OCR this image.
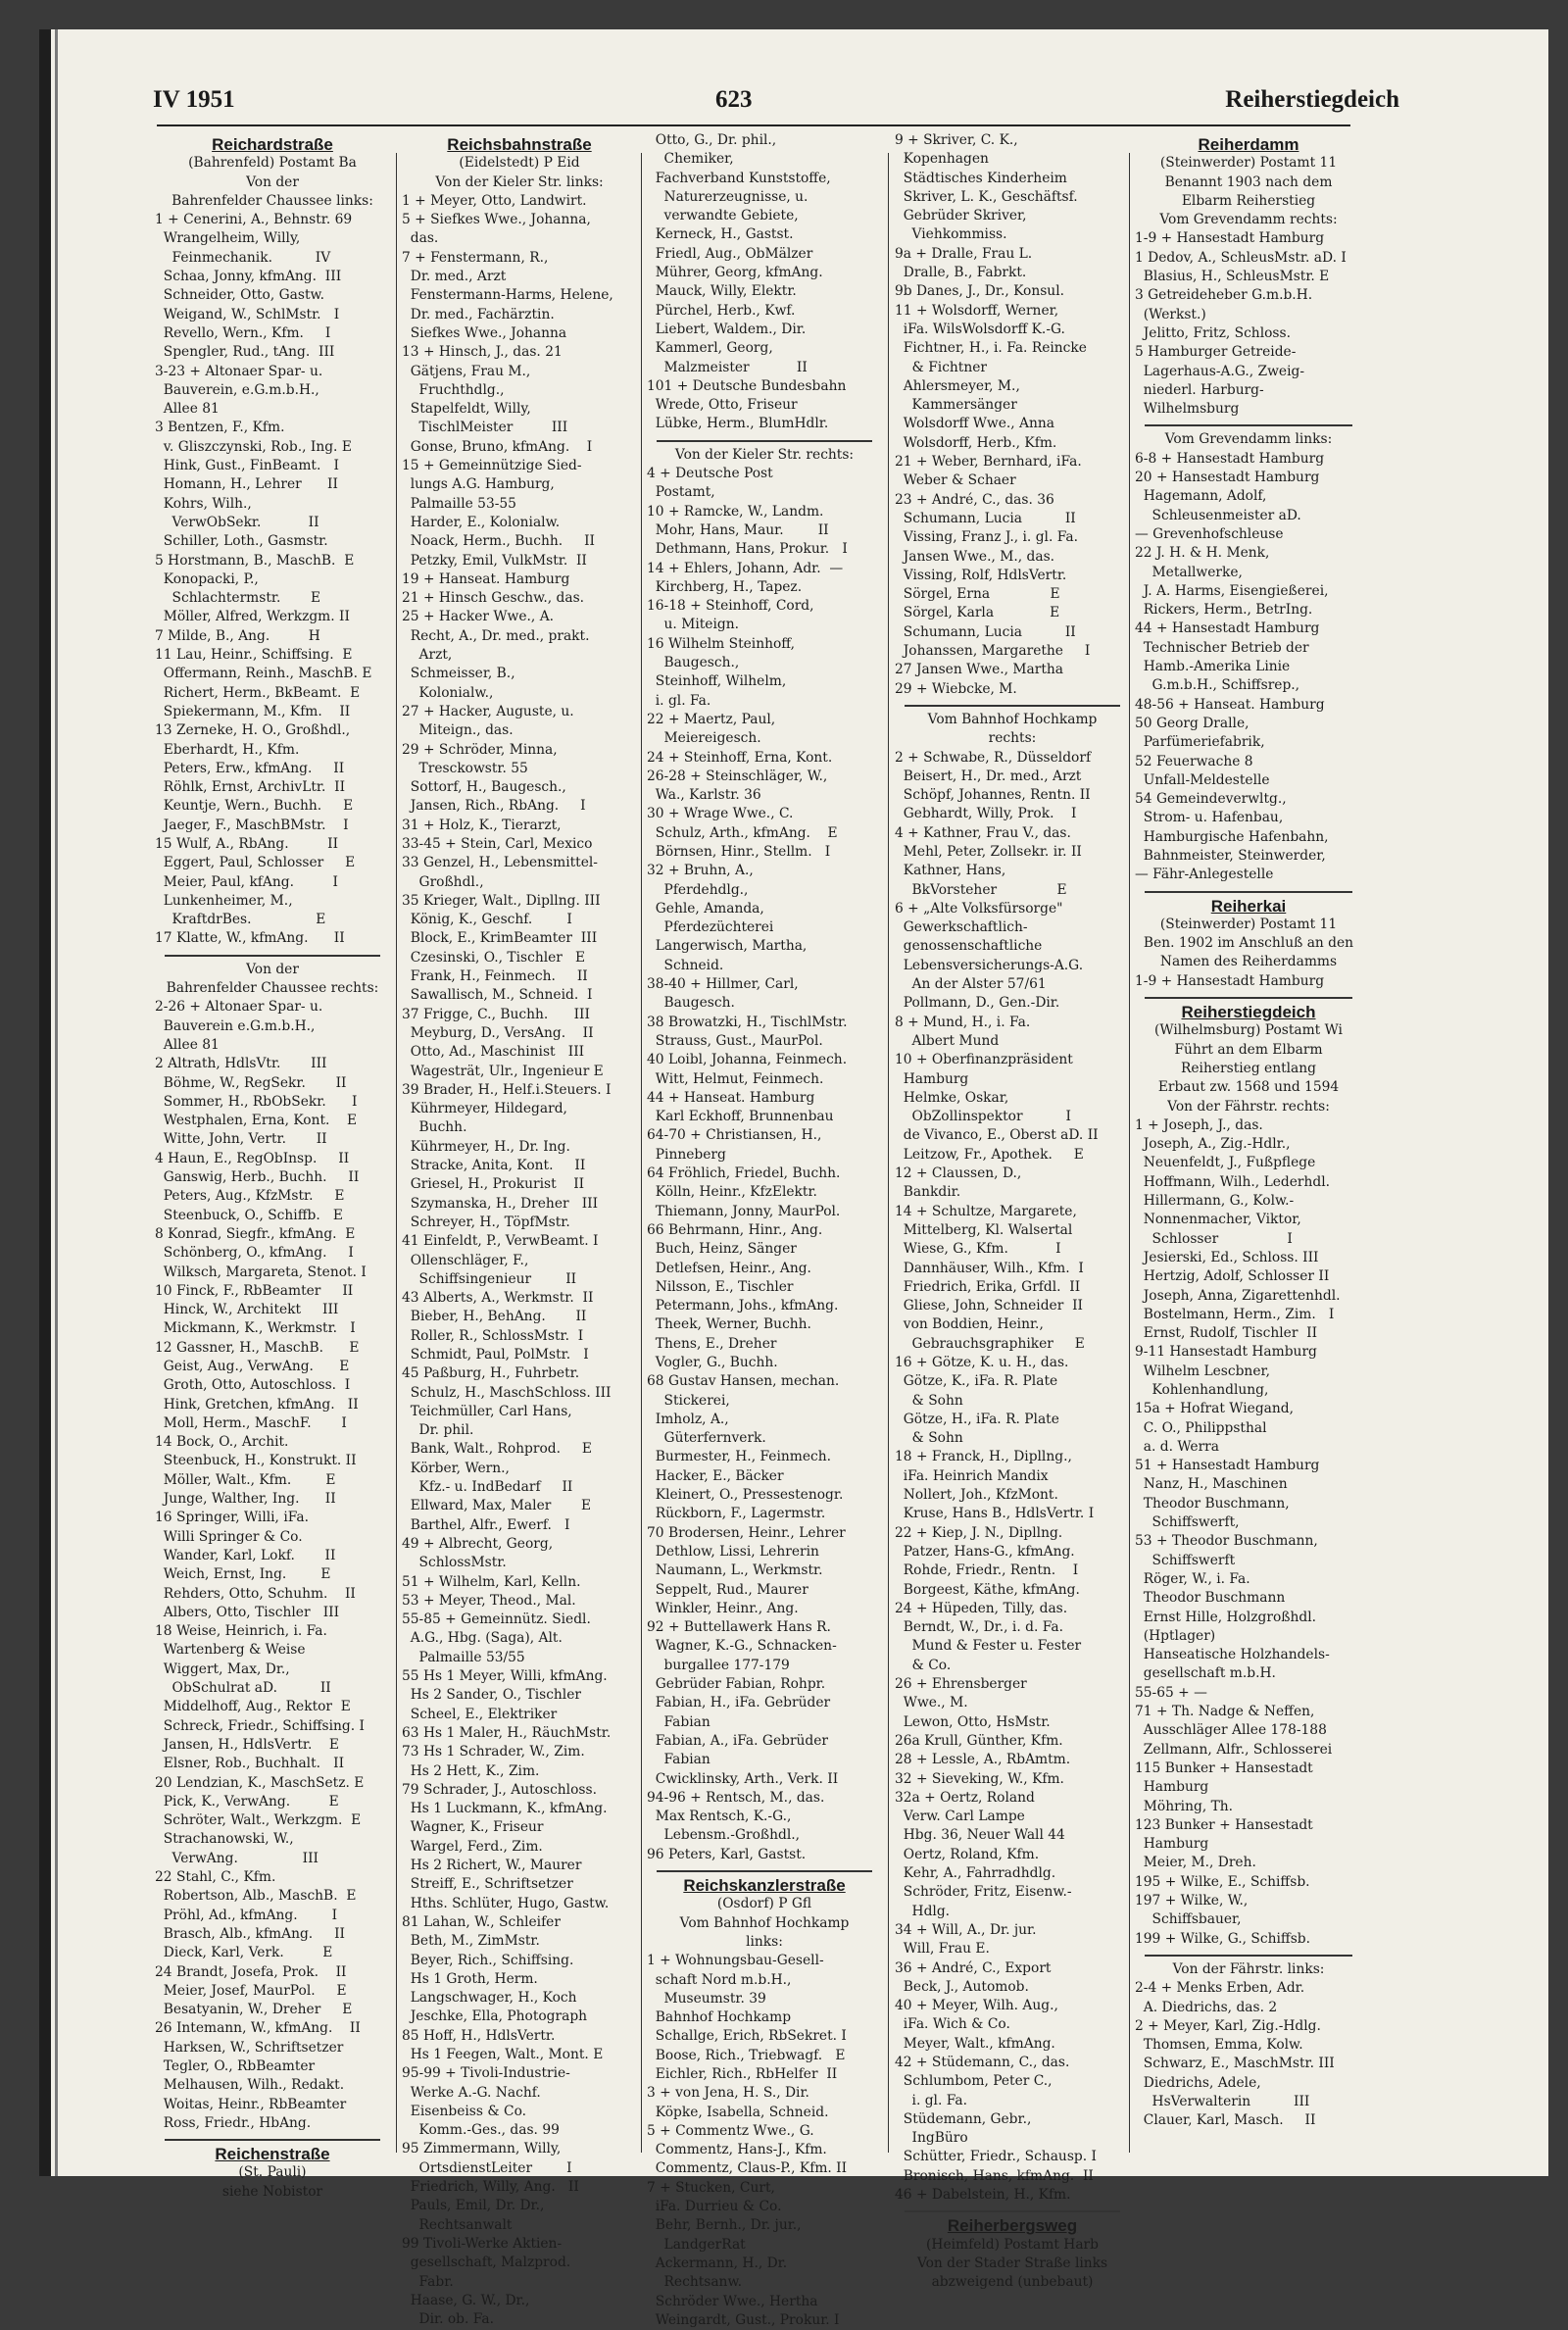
IV 1951	623	Reiherstiegdeich
Reichardstraße
(Bahrenfeld) Postamt Ba
Von der
Bahrenfelder Chaussee links:
1 + Cenerini, A., Behnstr. 69
Wrangelheim, Willy,
Feinmechanik.          IV
Schaa, Jonny, kfmAng.  III
Schneider, Otto, Gastw.
Weigand, W., SchlMstr.   I
Revello, Wern., Kfm.     I
Spengler, Rud., tAng.  III
3-23 + Altonaer Spar- u.
Bauverein, e.G.m.b.H.,
Allee 81
3 Bentzen, F., Kfm.
v. Gliszczynski, Rob., Ing. E
Hink, Gust., FinBeamt.   I
Homann, H., Lehrer      II
Kohrs, Wilh.,
VerwObSekr.           II
Schiller, Loth., Gasmstr.
5 Horstmann, B., MaschB.  E
Konopacki, P.,
Schlachtermstr.       E
Möller, Alfred, Werkzgm. II
7 Milde, B., Ang.         H
11 Lau, Heinr., Schiffsing.  E
Offermann, Reinh., MaschB. E
Richert, Herm., BkBeamt.  E
Spiekermann, M., Kfm.    II
13 Zerneke, H. O., Großhdl.,
Eberhardt, H., Kfm.
Peters, Erw., kfmAng.     II
Röhlk, Ernst, ArchivLtr.  II
Keuntje, Wern., Buchh.     E
Jaeger, F., MaschBMstr.    I
15 Wulf, A., RbAng.         II
Eggert, Paul, Schlosser     E
Meier, Paul, kfAng.         I
Lunkenheimer, M.,
KraftdrBes.               E
17 Klatte, W., kfmAng.      II
Von der
Bahrenfelder Chaussee rechts:
2-26 + Altonaer Spar- u.
Bauverein e.G.m.b.H.,
Allee 81
2 Altrath, HdlsVtr.       III
Böhme, W., RegSekr.       II
Sommer, H., RbObSekr.      I
Westphalen, Erna, Kont.    E
Witte, John, Vertr.       II
4 Haun, E., RegObInsp.     II
Ganswig, Herb., Buchh.     II
Peters, Aug., KfzMstr.     E
Steenbuck, O., Schiffb.   E
8 Konrad, Siegfr., kfmAng.  E
Schönberg, O., kfmAng.     I
Wilksch, Margareta, Stenot. I
10 Finck, F., RbBeamter     II
Hinck, W., Architekt     III
Mickmann, K., Werkmstr.   I
12 Gassner, H., MaschB.      E
Geist, Aug., VerwAng.      E
Groth, Otto, Autoschloss.  I
Hink, Gretchen, kfmAng.   II
Moll, Herm., MaschF.       I
14 Bock, O., Archit.
Steenbuck, H., Konstrukt. II
Möller, Walt., Kfm.        E
Junge, Walther, Ing.      II
16 Springer, Willi, iFa.
Willi Springer & Co.
Wander, Karl, Lokf.       II
Weich, Ernst, Ing.        E
Rehders, Otto, Schuhm.    II
Albers, Otto, Tischler   III
18 Weise, Heinrich, i. Fa.
Wartenberg & Weise
Wiggert, Max, Dr.,
ObSchulrat aD.          II
Middelhoff, Aug., Rektor  E
Schreck, Friedr., Schiffsing. I
Jansen, H., HdlsVertr.    E
Elsner, Rob., Buchhalt.   II
20 Lendzian, K., MaschSetz. E
Pick, K., VerwAng.         E
Schröter, Walt., Werkzgm.  E
Strachanowski, W.,
VerwAng.               III
22 Stahl, C., Kfm.
Robertson, Alb., MaschB.  E
Pröhl, Ad., kfmAng.        I
Brasch, Alb., kfmAng.     II
Dieck, Karl, Verk.         E
24 Brandt, Josefa, Prok.    II
Meier, Josef, MaurPol.     E
Besatyanin, W., Dreher     E
26 Intemann, W., kfmAng.    II
Harksen, W., Schriftsetzer
Tegler, O., RbBeamter
Melhausen, Wilh., Redakt.
Woitas, Heinr., RbBeamter
Ross, Friedr., HbAng.
Reichenstraße
(St. Pauli)
siehe Nobistor
Reichsbahnstraße
(Eidelstedt) P Eid
Von der Kieler Str. links:
1 + Meyer, Otto, Landwirt.
5 + Siefkes Wwe., Johanna,
das.
7 + Fenstermann, R.,
Dr. med., Arzt
Fenstermann-Harms, Helene,
Dr. med., Fachärztin.
Siefkes Wwe., Johanna
13 + Hinsch, J., das. 21
Gätjens, Frau M.,
Fruchthdlg.,
Stapelfeldt, Willy,
TischlMeister         III
Gonse, Bruno, kfmAng.    I
15 + Gemeinnützige Sied-
lungs A.G. Hamburg,
Palmaille 53-55
Harder, E., Kolonialw.
Noack, Herm., Buchh.     II
Petzky, Emil, VulkMstr.  II
19 + Hanseat. Hamburg
21 + Hinsch Geschw., das.
25 + Hacker Wwe., A.
Recht, A., Dr. med., prakt.
Arzt,
Schmeisser, B.,
Kolonialw.,
27 + Hacker, Auguste, u.
Miteign., das.
29 + Schröder, Minna,
Tresckowstr. 55
Sottorf, H., Baugesch.,
Jansen, Rich., RbAng.     I
31 + Holz, K., Tierarzt,
33-45 + Stein, Carl, Mexico
33 Genzel, H., Lebensmittel-
Großhdl.,
35 Krieger, Walt., Dipllng. III
König, K., Geschf.        I
Block, E., KrimBeamter  III
Czesinski, O., Tischler   E
Frank, H., Feinmech.     II
Sawallisch, M., Schneid.  I
37 Frigge, C., Buchh.      III
Meyburg, D., VersAng.    II
Otto, Ad., Maschinist   III
Wagesträt, Ulr., Ingenieur E
39 Brader, H., Helf.i.Steuers. I
Kührmeyer, Hildegard,
Buchh.
Kührmeyer, H., Dr. Ing.
Stracke, Anita, Kont.     II
Griesel, H., Prokurist    II
Szymanska, H., Dreher   III
Schreyer, H., TöpfMstr.
41 Einfeldt, P., VerwBeamt. I
Ollenschläger, F.,
Schiffsingenieur        II
43 Alberts, A., Werkmstr.  II
Bieber, H., BehAng.       II
Roller, R., SchlossMstr.  I
Schmidt, Paul, PolMstr.   I
45 Paßburg, H., Fuhrbetr.
Schulz, H., MaschSchloss. III
Teichmüller, Carl Hans,
Dr. phil.
Bank, Walt., Rohprod.     E
Körber, Wern.,
Kfz.- u. IndBedarf     II
Ellward, Max, Maler       E
Barthel, Alfr., Ewerf.   I
49 + Albrecht, Georg,
SchlossMstr.
51 + Wilhelm, Karl, Kelln.
53 + Meyer, Theod., Mal.
55-85 + Gemeinnütz. Siedl.
A.G., Hbg. (Saga), Alt.
Palmaille 53/55
55 Hs 1 Meyer, Willi, kfmAng.
Hs 2 Sander, O., Tischler
Scheel, E., Elektriker
63 Hs 1 Maler, H., RäuchMstr.
73 Hs 1 Schrader, W., Zim.
Hs 2 Hett, K., Zim.
79 Schrader, J., Autoschloss.
Hs 1 Luckmann, K., kfmAng.
Wagner, K., Friseur
Wargel, Ferd., Zim.
Hs 2 Richert, W., Maurer
Streiff, E., Schriftsetzer
Hths. Schlüter, Hugo, Gastw.
81 Lahan, W., Schleifer
Beth, M., ZimMstr.
Beyer, Rich., Schiffsing.
Hs 1 Groth, Herm.
Langschwager, H., Koch
Jeschke, Ella, Photograph
85 Hoff, H., HdlsVertr.
Hs 1 Feegen, Walt., Mont. E
95-99 + Tivoli-Industrie-
Werke A.-G. Nachf.
Eisenbeiss & Co.
Komm.-Ges., das. 99
95 Zimmermann, Willy,
OrtsdienstLeiter        I
Friedrich, Willy, Ang.   II
Pauls, Emil, Dr. Dr.,
Rechtsanwalt
99 Tivoli-Werke Aktien-
gesellschaft, Malzprod.
Fabr.
Haase, G. W., Dr.,
Dir. ob. Fa.
Otto, G., Dr. phil.,
Chemiker,
Fachverband Kunststoffe,
Naturerzeugnisse, u.
verwandte Gebiete,
Kerneck, H., Gastst.
Friedl, Aug., ObMälzer
Mührer, Georg, kfmAng.
Mauck, Willy, Elektr.
Pürchel, Herb., Kwf.
Liebert, Waldem., Dir.
Kammerl, Georg,
Malzmeister           II
101 + Deutsche Bundesbahn
Wrede, Otto, Friseur
Lübke, Herm., BlumHdlr.
Von der Kieler Str. rechts:
4 + Deutsche Post
Postamt,
10 + Ramcke, W., Landm.
Mohr, Hans, Maur.        II
Dethmann, Hans, Prokur.   I
14 + Ehlers, Johann, Adr.  —
Kirchberg, H., Tapez.
16-18 + Steinhoff, Cord,
u. Miteign.
16 Wilhelm Steinhoff,
Baugesch.,
Steinhoff, Wilhelm,
i. gl. Fa.
22 + Maertz, Paul,
Meiereigesch.
24 + Steinhoff, Erna, Kont.
26-28 + Steinschläger, W.,
Wa., Karlstr. 36
30 + Wrage Wwe., C.
Schulz, Arth., kfmAng.    E
Börnsen, Hinr., Stellm.   I
32 + Bruhn, A.,
Pferdehdlg.,
Gehle, Amanda,
Pferdezüchterei
Langerwisch, Martha,
Schneid.
38-40 + Hillmer, Carl,
Baugesch.
38 Browatzki, H., TischlMstr.
Strauss, Gust., MaurPol.
40 Loibl, Johanna, Feinmech.
Witt, Helmut, Feinmech.
44 + Hanseat. Hamburg
Karl Eckhoff, Brunnenbau
64-70 + Christiansen, H.,
Pinneberg
64 Fröhlich, Friedel, Buchh.
Kölln, Heinr., KfzElektr.
Thiemann, Jonny, MaurPol.
66 Behrmann, Hinr., Ang.
Buch, Heinz, Sänger
Detlefsen, Heinr., Ang.
Nilsson, E., Tischler
Petermann, Johs., kfmAng.
Theek, Werner, Buchh.
Thens, E., Dreher
Vogler, G., Buchh.
68 Gustav Hansen, mechan.
Stickerei,
Imholz, A.,
Güterfernverk.
Burmester, H., Feinmech.
Hacker, E., Bäcker
Kleinert, O., Pressestenogr.
Rückborn, F., Lagermstr.
70 Brodersen, Heinr., Lehrer
Dethlow, Lissi, Lehrerin
Naumann, L., Werkmstr.
Seppelt, Rud., Maurer
Winkler, Heinr., Ang.
92 + Buttellawerk Hans R.
Wagner, K.-G., Schnacken-
burgallee 177-179
Gebrüder Fabian, Rohpr.
Fabian, H., iFa. Gebrüder
Fabian
Fabian, A., iFa. Gebrüder
Fabian
Cwicklinsky, Arth., Verk. II
94-96 + Rentsch, M., das.
Max Rentsch, K.-G.,
Lebensm.-Großhdl.,
96 Peters, Karl, Gastst.
Reichskanzlerstraße
(Osdorf) P Gfl
Vom Bahnhof Hochkamp
links:
1 + Wohnungsbau-Gesell-
schaft Nord m.b.H.,
Museumstr. 39
Bahnhof Hochkamp
Schallge, Erich, RbSekret. I
Boose, Rich., Triebwagf.   E
Eichler, Rich., RbHelfer  II
3 + von Jena, H. S., Dir.
Köpke, Isabella, Schneid.
5 + Commentz Wwe., G.
Commentz, Hans-J., Kfm.
Commentz, Claus-P., Kfm. II
7 + Stucken, Curt,
iFa. Durrieu & Co.
Behr, Bernh., Dr. jur.,
LandgerRat
Ackermann, H., Dr.
Rechtsanw.
Schröder Wwe., Hertha
Weingardt, Gust., Prokur. I
9 + Skriver, C. K.,
Kopenhagen
Städtisches Kinderheim
Skriver, L. K., Geschäftsf.
Gebrüder Skriver,
Viehkommiss.
9a + Dralle, Frau L.
Dralle, B., Fabrkt.
9b Danes, J., Dr., Konsul.
11 + Wolsdorff, Werner,
iFa. WilsWolsdorff K.-G.
Fichtner, H., i. Fa. Reincke
& Fichtner
Ahlersmeyer, M.,
Kammersänger
Wolsdorff Wwe., Anna
Wolsdorff, Herb., Kfm.
21 + Weber, Bernhard, iFa.
Weber & Schaer
23 + André, C., das. 36
Schumann, Lucia          II
Vissing, Franz J., i. gl. Fa.
Jansen Wwe., M., das.
Vissing, Rolf, HdlsVertr.
Sörgel, Erna              E
Sörgel, Karla             E
Schumann, Lucia          II
Johanssen, Margarethe     I
27 Jansen Wwe., Martha
29 + Wiebcke, M.
Vom Bahnhof Hochkamp
rechts:
2 + Schwabe, R., Düsseldorf
Beisert, H., Dr. med., Arzt
Schöpf, Johannes, Rentn. II
Gebhardt, Willy, Prok.    I
4 + Kathner, Frau V., das.
Mehl, Peter, Zollsekr. ir. II
Kathner, Hans,
BkVorsteher              E
6 + „Alte Volksfürsorge"
Gewerkschaftlich-
genossenschaftliche
Lebensversicherungs-A.G.
An der Alster 57/61
Pollmann, D., Gen.-Dir.
8 + Mund, H., i. Fa.
Albert Mund
10 + Oberfinanzpräsident
Hamburg
Helmke, Oskar,
ObZollinspektor          I
de Vivanco, E., Oberst aD. II
Leitzow, Fr., Apothek.     E
12 + Claussen, D.,
Bankdir.
14 + Schultze, Margarete,
Mittelberg, Kl. Walsertal
Wiese, G., Kfm.           I
Dannhäuser, Wilh., Kfm.  I
Friedrich, Erika, Grfdl.  II
Gliese, John, Schneider  II
von Boddien, Heinr.,
Gebrauchsgraphiker     E
16 + Götze, K. u. H., das.
Götze, K., iFa. R. Plate
& Sohn
Götze, H., iFa. R. Plate
& Sohn
18 + Franck, H., Dipllng.,
iFa. Heinrich Mandix
Nollert, Joh., KfzMont.
Kruse, Hans B., HdlsVertr. I
22 + Kiep, J. N., Dipllng.
Patzer, Hans-G., kfmAng.
Rohde, Friedr., Rentn.    I
Borgeest, Käthe, kfmAng.
24 + Hüpeden, Tilly, das.
Berndt, W., Dr., i. d. Fa.
Mund & Fester u. Fester
& Co.
26 + Ehrensberger
Wwe., M.
Lewon, Otto, HsMstr.
26a Krull, Günther, Kfm.
28 + Lessle, A., RbAmtm.
32 + Sieveking, W., Kfm.
32a + Oertz, Roland
Verw. Carl Lampe
Hbg. 36, Neuer Wall 44
Oertz, Roland, Kfm.
Kehr, A., Fahrradhdlg.
Schröder, Fritz, Eisenw.-
Hdlg.
34 + Will, A., Dr. jur.
Will, Frau E.
36 + André, C., Export
Beck, J., Automob.
40 + Meyer, Wilh. Aug.,
iFa. Wich & Co.
Meyer, Walt., kfmAng.
42 + Stüdemann, C., das.
Schlumbom, Peter C.,
i. gl. Fa.
Stüdemann, Gebr.,
IngBüro
Schütter, Friedr., Schausp. I
Bronisch, Hans, kfmAng.  II
46 + Dabelstein, H., Kfm.
Reiherbergsweg
(Heimfeld) Postamt Harb
Von der Stader Straße links
abzweigend (unbebaut)
Reiherdamm
(Steinwerder) Postamt 11
Benannt 1903 nach dem
Elbarm Reiherstieg
Vom Grevendamm rechts:
1-9 + Hansestadt Hamburg
1 Dedov, A., SchleusMstr. aD. I
Blasius, H., SchleusMstr. E
3 Getreideheber G.m.b.H.
(Werkst.)
Jelitto, Fritz, Schloss.
5 Hamburger Getreide-
Lagerhaus-A.G., Zweig-
niederl. Harburg-
Wilhelmsburg
Vom Grevendamm links:
6-8 + Hansestadt Hamburg
20 + Hansestadt Hamburg
Hagemann, Adolf,
Schleusenmeister aD.
— Grevenhofschleuse
22 J. H. & H. Menk,
Metallwerke,
J. A. Harms, Eisengießerei,
Rickers, Herm., BetrIng.
44 + Hansestadt Hamburg
Technischer Betrieb der
Hamb.-Amerika Linie
G.m.b.H., Schiffsrep.,
48-56 + Hanseat. Hamburg
50 Georg Dralle,
Parfümeriefabrik,
52 Feuerwache 8
Unfall-Meldestelle
54 Gemeindeverwltg.,
Strom- u. Hafenbau,
Hamburgische Hafenbahn,
Bahnmeister, Steinwerder,
— Fähr-Anlegestelle
Reiherkai
(Steinwerder) Postamt 11
Ben. 1902 im Anschluß an den
Namen des Reiherdamms
1-9 + Hansestadt Hamburg
Reiherstiegdeich
(Wilhelmsburg) Postamt Wi
Führt an dem Elbarm
Reiherstieg entlang
Erbaut zw. 1568 und 1594
Von der Fährstr. rechts:
1 + Joseph, J., das.
Joseph, A., Zig.-Hdlr.,
Neuenfeldt, J., Fußpflege
Hoffmann, Wilh., Lederhdl.
Hillermann, G., Kolw.-
Nonnenmacher, Viktor,
Schlosser                I
Jesierski, Ed., Schloss. III
Hertzig, Adolf, Schlosser II
Joseph, Anna, Zigarettenhdl.
Bostelmann, Herm., Zim.   I
Ernst, Rudolf, Tischler  II
9-11 Hansestadt Hamburg
Wilhelm Lescbner,
Kohlenhandlung,
15a + Hofrat Wiegand,
C. O., Philippsthal
a. d. Werra
51 + Hansestadt Hamburg
Nanz, H., Maschinen
Theodor Buschmann,
Schiffswerft,
53 + Theodor Buschmann,
Schiffswerft
Röger, W., i. Fa.
Theodor Buschmann
Ernst Hille, Holzgroßhdl.
(Hptlager)
Hanseatische Holzhandels-
gesellschaft m.b.H.
55-65 + —
71 + Th. Nadge & Neffen,
Ausschläger Allee 178-188
Zellmann, Alfr., Schlosserei
115 Bunker + Hansestadt
Hamburg
Möhring, Th.
123 Bunker + Hansestadt
Hamburg
Meier, M., Dreh.
195 + Wilke, E., Schiffsb.
197 + Wilke, W.,
Schiffsbauer,
199 + Wilke, G., Schiffsb.
Von der Fährstr. links:
2-4 + Menks Erben, Adr.
A. Diedrichs, das. 2
2 + Meyer, Karl, Zig.-Hdlg.
Thomsen, Emma, Kolw.
Schwarz, E., MaschMstr. III
Diedrichs, Adele,
HsVerwalterin          III
Clauer, Karl, Masch.     II
